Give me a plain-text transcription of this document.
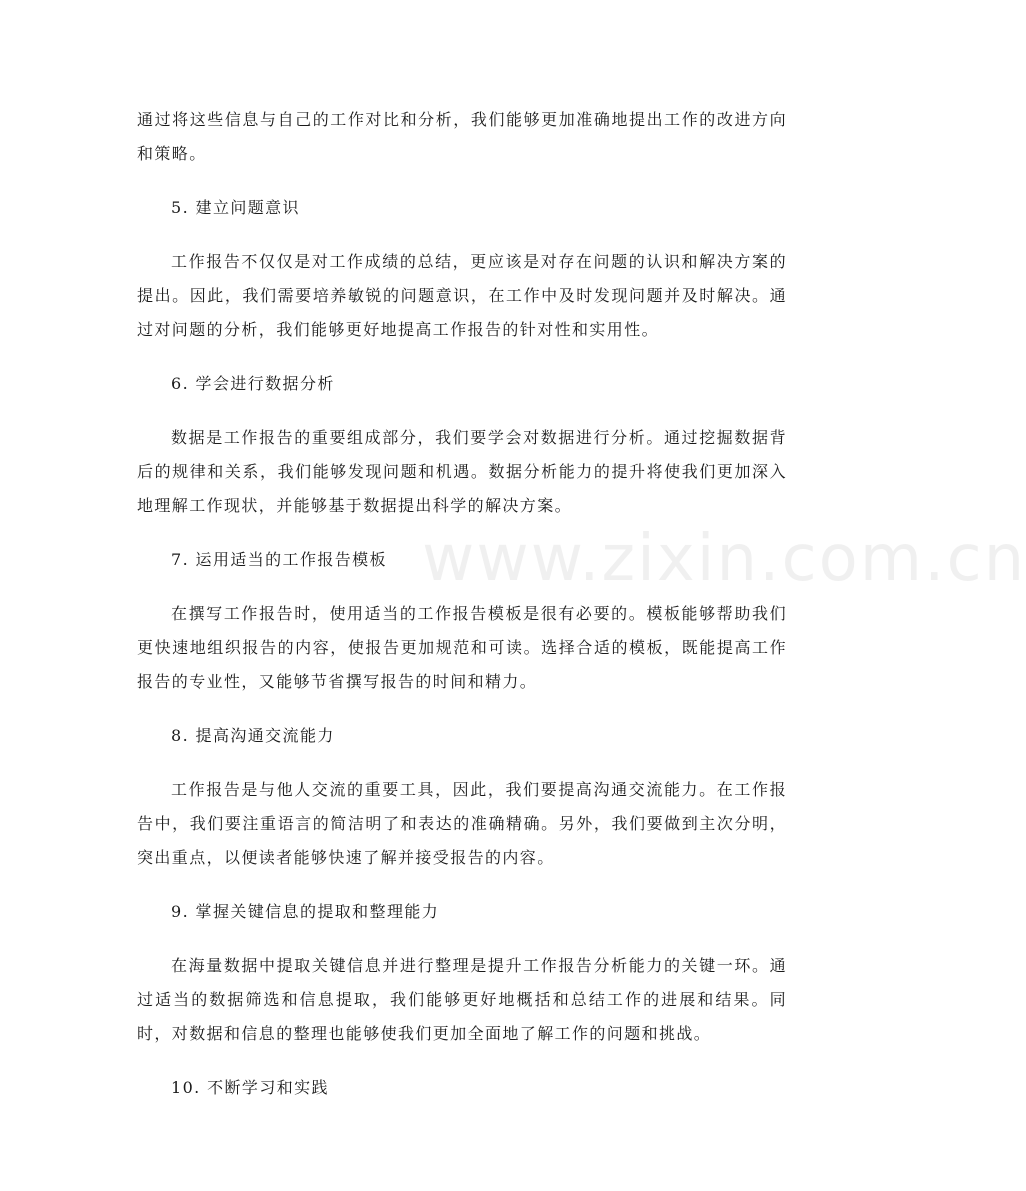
www.zixin.com.cn

通过将这些信息与自己的工作对比和分析，我们能够更加准确地提出工作的改进方向和策略。

5. 建立问题意识

工作报告不仅仅是对工作成绩的总结，更应该是对存在问题的认识和解决方案的提出。因此，我们需要培养敏锐的问题意识，在工作中及时发现问题并及时解决。通过对问题的分析，我们能够更好地提高工作报告的针对性和实用性。

6. 学会进行数据分析

数据是工作报告的重要组成部分，我们要学会对数据进行分析。通过挖掘数据背后的规律和关系，我们能够发现问题和机遇。数据分析能力的提升将使我们更加深入地理解工作现状，并能够基于数据提出科学的解决方案。

7. 运用适当的工作报告模板

在撰写工作报告时，使用适当的工作报告模板是很有必要的。模板能够帮助我们更快速地组织报告的内容，使报告更加规范和可读。选择合适的模板，既能提高工作报告的专业性，又能够节省撰写报告的时间和精力。

8. 提高沟通交流能力

工作报告是与他人交流的重要工具，因此，我们要提高沟通交流能力。在工作报告中，我们要注重语言的简洁明了和表达的准确精确。另外，我们要做到主次分明，突出重点，以便读者能够快速了解并接受报告的内容。

9. 掌握关键信息的提取和整理能力

在海量数据中提取关键信息并进行整理是提升工作报告分析能力的关键一环。通过适当的数据筛选和信息提取，我们能够更好地概括和总结工作的进展和结果。同时，对数据和信息的整理也能够使我们更加全面地了解工作的问题和挑战。

10. 不断学习和实践
